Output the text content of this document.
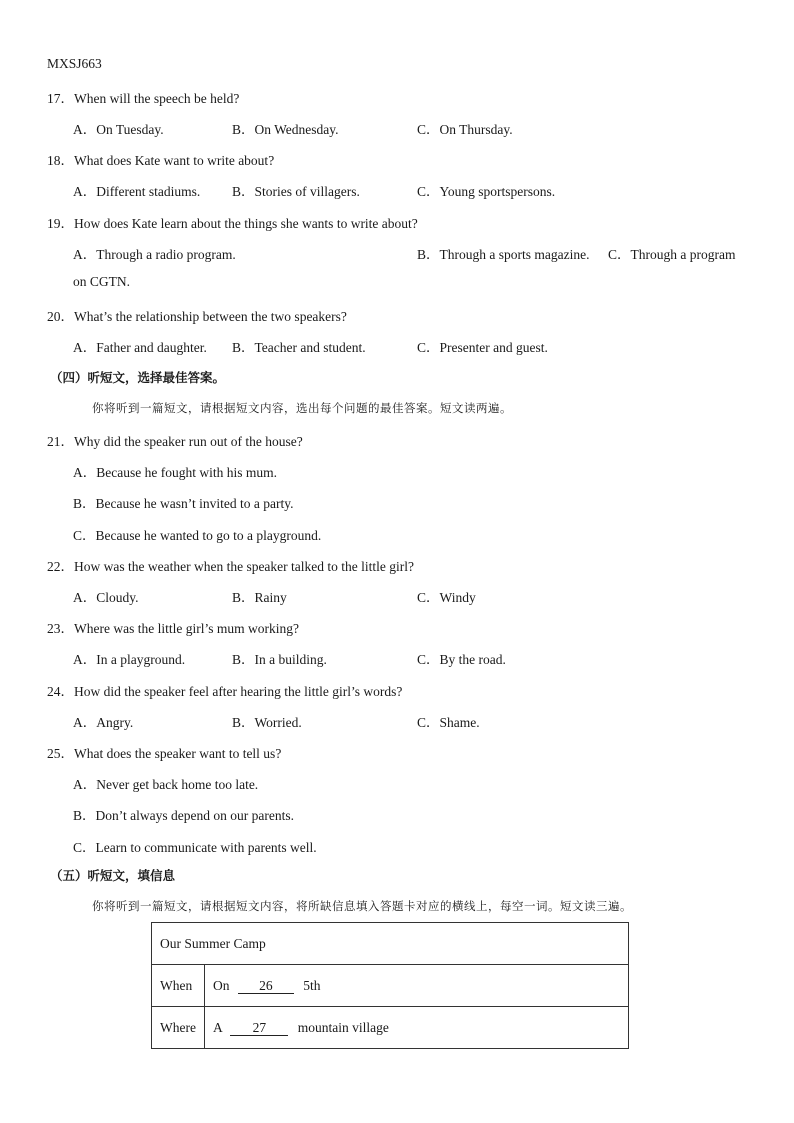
MXSJ663
17．When will the speech be held?
A．On Tuesday.	B．On Wednesday.	C．On Thursday.
18．What does Kate want to write about?
A．Different stadiums. B．Stories of villagers.	C．Young sportspersons.
19．How does Kate learn about the things she wants to write about?
A．Through a radio program.	B．Through a sports magazine. C．Through a program
on CGTN.
20．What’s the relationship between the two speakers?
A．Father and daughter. B．Teacher and student.	C．Presenter and guest.
（四）听短文，选择最佳答案。
你将听到一篇短文，请根据短文内容，选出每个问题的最佳答案。短文读两遍。
21．Why did the speaker run out of the house?
A．Because he fought with his mum.
B．Because he wasn’t invited to a party.
C．Because he wanted to go to a playground.
22．How was the weather when the speaker talked to the little girl?
A．Cloudy.	B．Rainy	C．Windy
23．Where was the little girl’s mum working?
A．In a playground.	B．In a building.	C．By the road.
24．How did the speaker feel after hearing the little girl’s words?
A．Angry.	B．Worried.	C．Shame.
25．What does the speaker want to tell us?
A．Never get back home too late.
B．Don’t always depend on our parents.
C．Learn to communicate with parents well.
（五）听短文，填信息
你将听到一篇短文，请根据短文内容，将所缺信息填入答题卡对应的横线上，每空一词。短文读三遍。
Our Summer Camp	
When	On 26 5th
Where	A 27 mountain village
